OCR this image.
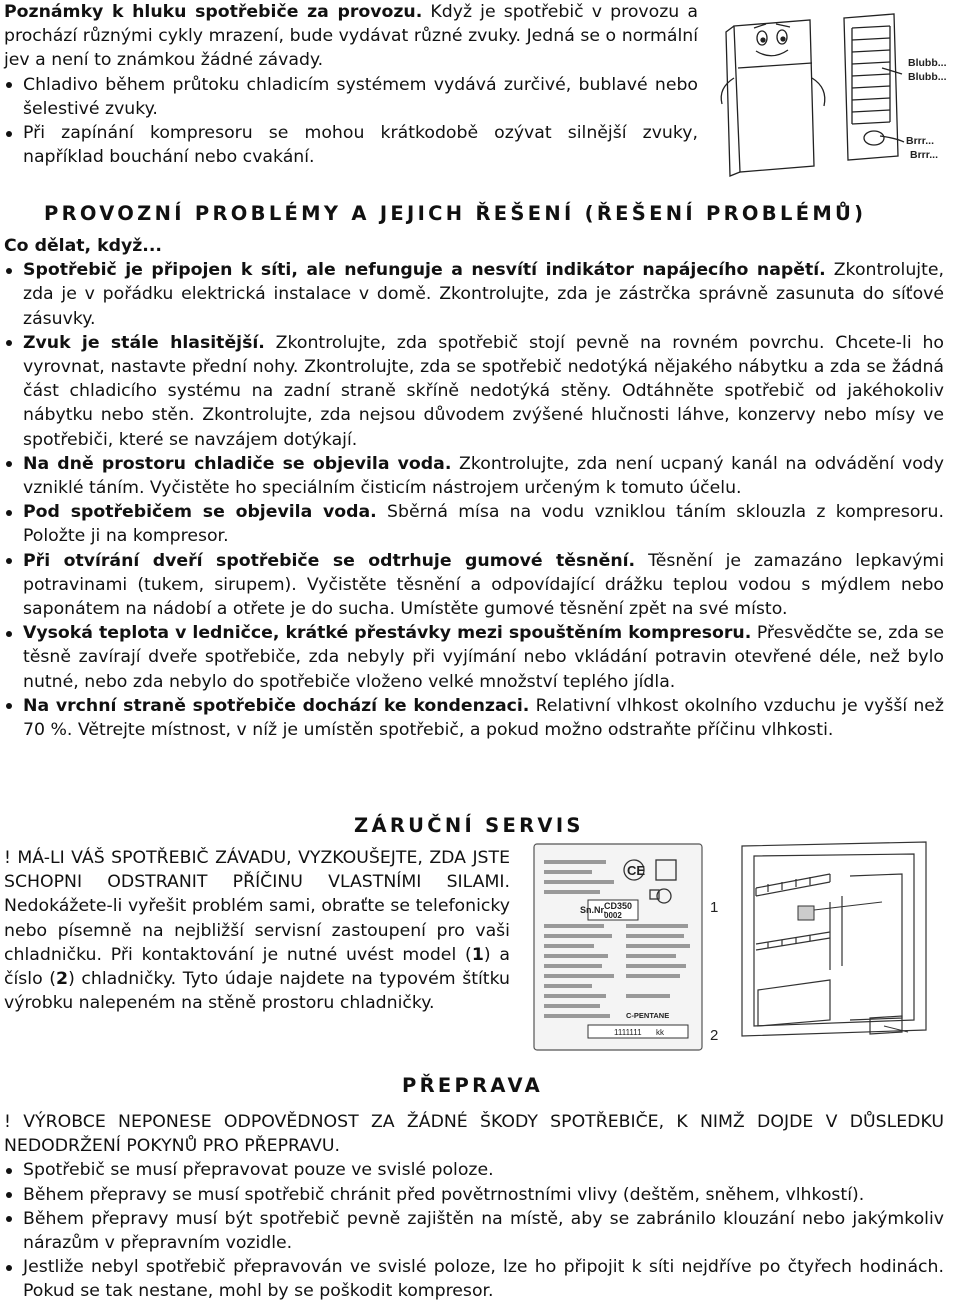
Poznámky k hluku spotřebiče za provozu. Když je spotřebič v provozu a prochází různými cykly mrazení, bude vydávat různé zvuky. Jedná se o normální jev a není to známkou žádné závady.

Chladivo během průtoku chladicím systémem vydává zurčivé, bublavé nebo šelestivé zvuky.
Při zapínání kompresoru se mohou krátkodobě ozývat silnější zvuky, například bouchání nebo cvakání.
Blubb...
Blubb...
Brrr...
Brrr...
PROVOZNÍ PROBLÉMY A JEJICH ŘEŠENÍ (ŘEŠENÍ PROBLÉMŮ)
Co dělat, když...
Spotřebič je připojen k síti, ale nefunguje a nesvítí indikátor napájecího napětí. Zkontrolujte, zda je v pořádku elektrická instalace v domě. Zkontrolujte, zda je zástrčka správně zasunuta do síťové zásuvky.
Zvuk je stále hlasitější. Zkontrolujte, zda spotřebič stojí pevně na rovném povrchu. Chcete-li ho vyrovnat, nastavte přední nohy. Zkontrolujte, zda se spotřebič nedotýká nějakého nábytku a zda se žádná část chladicího systému na zadní straně skříně nedotýká stěny. Odtáhněte spotřebič od jakéhokoliv nábytku nebo stěn. Zkontrolujte, zda nejsou důvodem zvýšené hlučnosti láhve, konzervy nebo mísy ve spotřebiči, které se navzájem dotýkají.
Na dně prostoru chladiče se objevila voda. Zkontrolujte, zda není ucpaný kanál na odvádění vody vzniklé táním. Vyčistěte ho speciálním čisticím nástrojem určeným k tomuto účelu.
Pod spotřebičem se objevila voda. Sběrná mísa na vodu vzniklou táním sklouzla z kompresoru. Položte ji na kompresor.
Při otvírání dveří spotřebiče se odtrhuje gumové těsnění. Těsnění je zamazáno lepkavými potravinami (tukem, sirupem). Vyčistěte těsnění a odpovídající drážku teplou vodou s mýdlem nebo saponátem na nádobí a otřete je do sucha. Umístěte gumové těsnění zpět na své místo.
Vysoká teplota v ledničce, krátké přestávky mezi spouštěním kompresoru. Přesvědčte se, zda se těsně zavírají dveře spotřebiče, zda nebyly při vyjímání nebo vkládání potravin otevřené déle, než bylo nutné, nebo zda nebylo do spotřebiče vloženo velké množství teplého jídla.
Na vrchní straně spotřebiče dochází ke kondenzaci. Relativní vlhkost okolního vzduchu je vyšší než 70 %. Větrejte místnost, v níž je umístěn spotřebič, a pokud možno odstraňte příčinu vlhkosti.
ZÁRUČNÍ SERVIS

! MÁ-LI VÁŠ SPOTŘEBIČ ZÁVADU, VYZKOUŠEJTE, ZDA JSTE SCHOPNI ODSTRANIT PŘÍČINU VLASTNÍMI SILAMI. Nedokážete-li vyřešit problém sami, obraťte se telefonicky nebo písemně na nejbližší servisní zastoupení pro vaši chladničku. Při kontaktování je nutné uvést model (1) a číslo (2) chladničky. Tyto údaje najdete na typovém štítku výrobku nalepeném na stěně prostoru chladničky.

CE
CD350
Sn.Nr.
0002
C-PENTANE
1111111 kk
1
2
PŘEPRAVA

! VÝROBCE NEPONESE ODPOVĚDNOST ZA ŽÁDNÉ ŠKODY SPOTŘEBIČE, K NIMŽ DOJDE V DŮSLEDKU NEDODRŽENÍ POKYNŮ PRO PŘEPRAVU.

Spotřebič se musí přepravovat pouze ve svislé poloze.
Během přepravy se musí spotřebič chránit před povětrnostními vlivy (deštěm, sněhem, vlhkostí).
Během přepravy musí být spotřebič pevně zajištěn na místě, aby se zabránilo klouzání nebo jakýmkoliv nárazům v přepravním vozidle.
Jestliže nebyl spotřebič přepravován ve svislé poloze, lze ho připojit k síti nejdříve po čtyřech hodinách. Pokud se tak nestane, mohl by se poškodit kompresor.
